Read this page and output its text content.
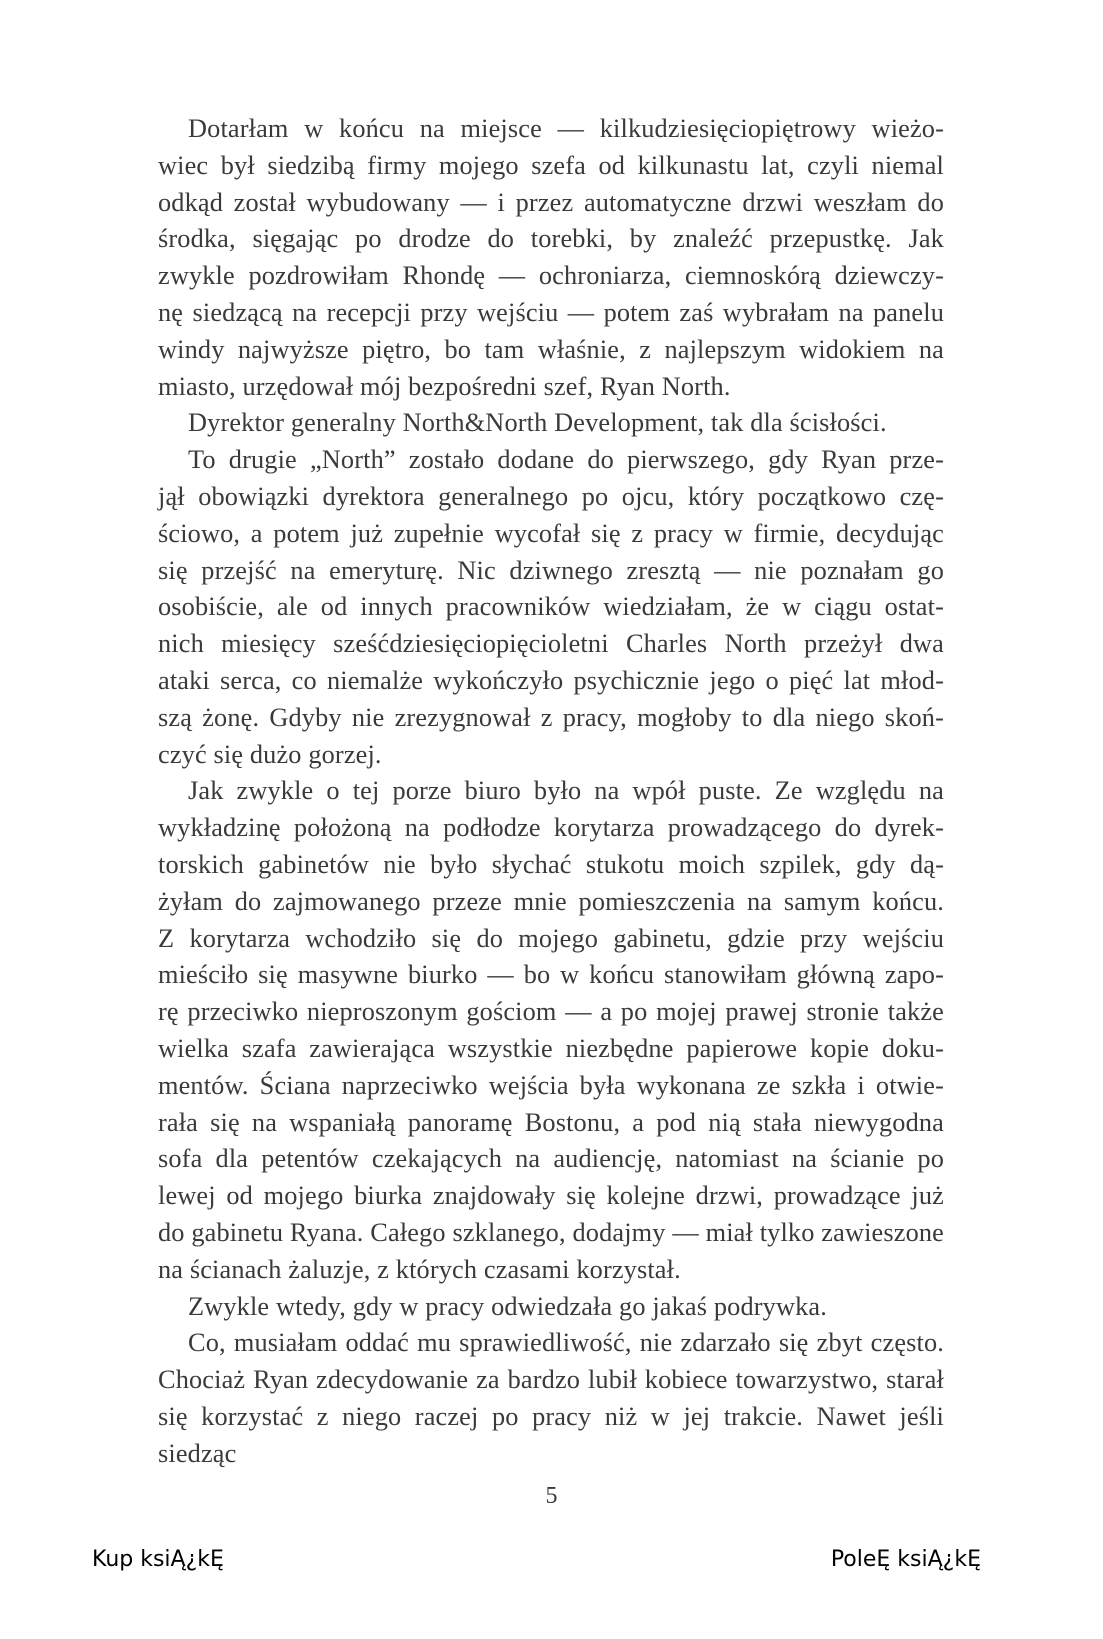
Dotarłam w końcu na miejsce — kilkudziesięciopiętrowy wieżo-

wiec był siedzibą firmy mojego szefa od kilkunastu lat, czyli niemal

odkąd został wybudowany — i przez automatyczne drzwi weszłam do

środka, sięgając po drodze do torebki, by znaleźć przepustkę. Jak

zwykle pozdrowiłam Rhondę — ochroniarza, ciemnoskórą dziewczy-

nę siedzącą na recepcji przy wejściu — potem zaś wybrałam na panelu

windy najwyższe piętro, bo tam właśnie, z najlepszym widokiem na

miasto, urzędował mój bezpośredni szef, Ryan North.

Dyrektor generalny North&North Development, tak dla ścisłości.

To drugie „North” zostało dodane do pierwszego, gdy Ryan prze-

jął obowiązki dyrektora generalnego po ojcu, który początkowo czę-

ściowo, a potem już zupełnie wycofał się z pracy w firmie, decydując

się przejść na emeryturę. Nic dziwnego zresztą — nie poznałam go

osobiście, ale od innych pracowników wiedziałam, że w ciągu ostat-

nich miesięcy sześćdziesięciopięcioletni Charles North przeżył dwa

ataki serca, co niemalże wykończyło psychicznie jego o pięć lat młod-

szą żonę. Gdyby nie zrezygnował z pracy, mogłoby to dla niego skoń-

czyć się dużo gorzej.

Jak zwykle o tej porze biuro było na wpół puste. Ze względu na

wykładzinę położoną na podłodze korytarza prowadzącego do dyrek-

torskich gabinetów nie było słychać stukotu moich szpilek, gdy dą-

żyłam do zajmowanego przeze mnie pomieszczenia na samym końcu.

Z korytarza wchodziło się do mojego gabinetu, gdzie przy wejściu

mieściło się masywne biurko — bo w końcu stanowiłam główną zapo-

rę przeciwko nieproszonym gościom — a po mojej prawej stronie także

wielka szafa zawierająca wszystkie niezbędne papierowe kopie doku-

mentów. Ściana naprzeciwko wejścia była wykonana ze szkła i otwie-

rała się na wspaniałą panoramę Bostonu, a pod nią stała niewygodna

sofa dla petentów czekających na audiencję, natomiast na ścianie po

lewej od mojego biurka znajdowały się kolejne drzwi, prowadzące już

do gabinetu Ryana. Całego szklanego, dodajmy — miał tylko zawieszone

na ścianach żaluzje, z których czasami korzystał.

Zwykle wtedy, gdy w pracy odwiedzała go jakaś podrywka.

Co, musiałam oddać mu sprawiedliwość, nie zdarzało się zbyt często.

Chociaż Ryan zdecydowanie za bardzo lubił kobiece towarzystwo, starał

się korzystać z niego raczej po pracy niż w jej trakcie. Nawet jeśli siedząc

5
Kup ksiĄ¿kĘ	PoleĘ ksiĄ¿kĘ
